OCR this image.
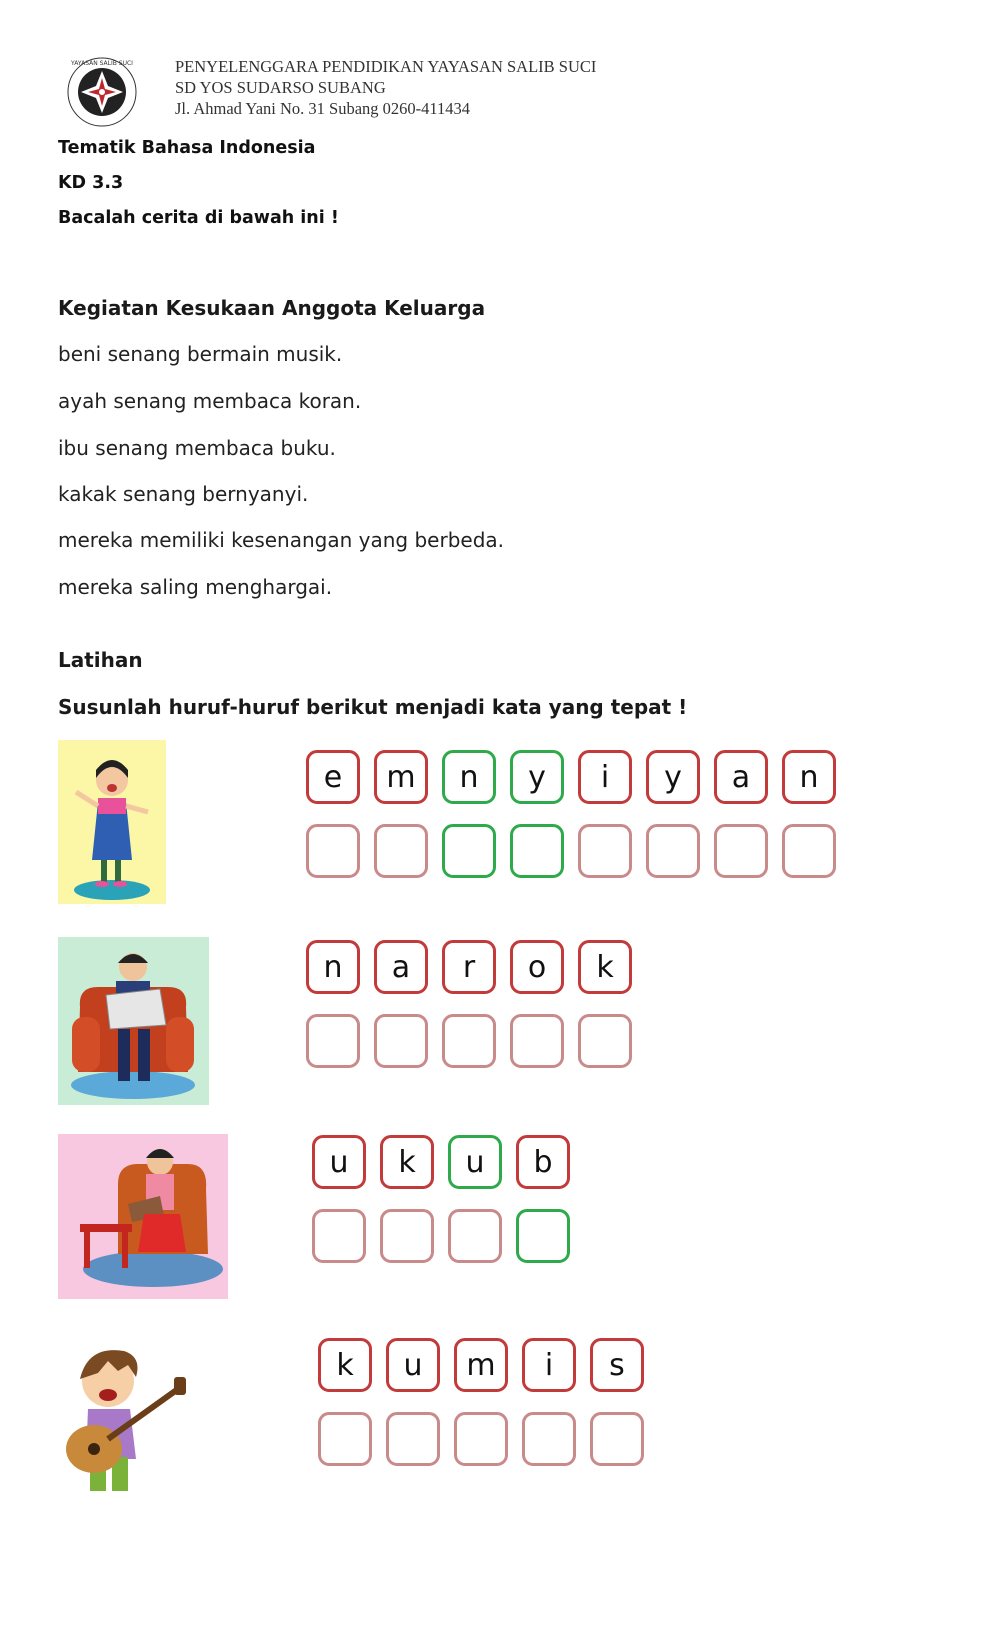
YAYASAN SALIB SUCI	PENYELENGGARA PENDIDIKAN YAYASAN SALIB SUCI
SD YOS SUDARSO SUBANG
Jl. Ahmad Yani No. 31 Subang 0260-411434
Tematik Bahasa Indonesia
KD 3.3
Bacalah cerita di bawah ini !
Kegiatan Kesukaan Anggota Keluarga
beni senang bermain musik.
ayah senang membaca koran.
ibu senang membaca buku.
kakak senang bernyanyi.
mereka memiliki kesenangan yang berbeda.
mereka saling menghargai.
Latihan
Susunlah huruf-huruf berikut menjadi kata yang tepat !
e	m	n	y	i	y	a	n
n	a	r	o	k
u	k	u	b
k	u	m	i	s
